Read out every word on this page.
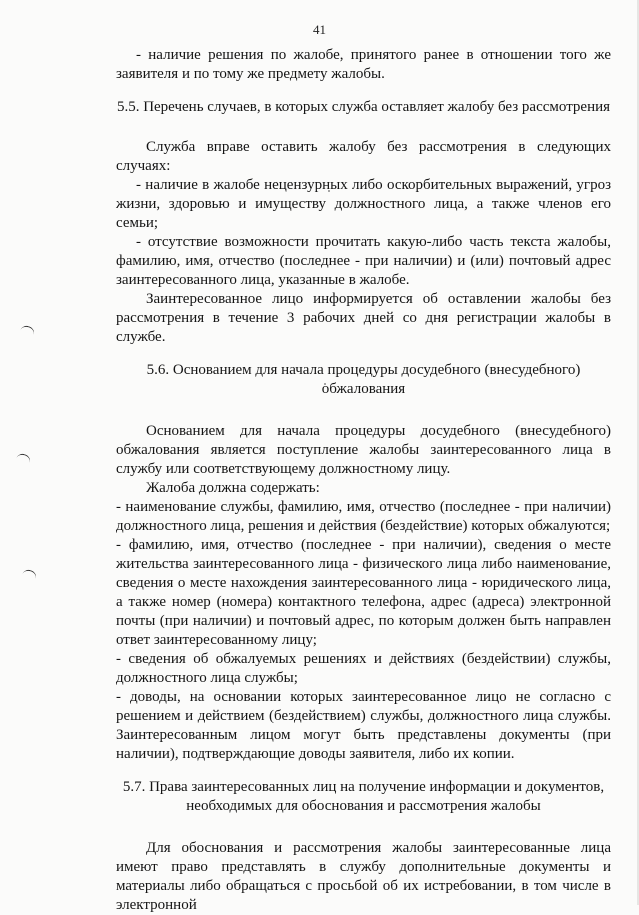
41

- наличие решения по жалобе, принятого ранее в отношении того же заявителя и по тому же предмету жалобы.

5.5. Перечень случаев, в которых служба оставляет жалобу без рассмотрения

Служба вправе оставить жалобу без рассмотрения в следующих случаях:

- наличие в жалобе нецензурных либо оскорбительных выражений, угроз жизни, здоровью и имуществу должностного лица, а также членов его семьи;

- отсутствие возможности прочитать какую-либо часть текста жалобы, фамилию, имя, отчество (последнее - при наличии) и (или) почтовый адрес заинтересованного лица, указанные в жалобе.

Заинтересованное лицо информируется об оставлении жалобы без рассмотрения в течение 3 рабочих дней со дня регистрации жалобы в службе.

5.6. Основанием для начала процедуры досудебного (внесудебного) обжалования

Основанием для начала процедуры досудебного (внесудебного) обжалования является поступление жалобы заинтересованного лица в службу или соответствующему должностному лицу.

Жалоба должна содержать:

- наименование службы, фамилию, имя, отчество (последнее - при наличии) должностного лица, решения и действия (бездействие) которых обжалуются;

- фамилию, имя, отчество (последнее - при наличии), сведения о месте жительства заинтересованного лица - физического лица либо наименование, сведения о месте нахождения заинтересованного лица - юридического лица, а также номер (номера) контактного телефона, адрес (адреса) электронной почты (при наличии) и почтовый адрес, по которым должен быть направлен ответ заинтересованному лицу;

- сведения об обжалуемых решениях и действиях (бездействии) службы, должностного лица службы;

- доводы, на основании которых заинтересованное лицо не согласно с решением и действием (бездействием) службы, должностного лица службы. Заинтересованным лицом могут быть представлены документы (при наличии), подтверждающие доводы заявителя, либо их копии.

5.7. Права заинтересованных лиц на получение информации и документов, необходимых для обоснования и рассмотрения жалобы

Для обоснования и рассмотрения жалобы заинтересованные лица имеют право представлять в службу дополнительные документы и материалы либо обращаться с просьбой об их истребовании, в том числе в электронной
